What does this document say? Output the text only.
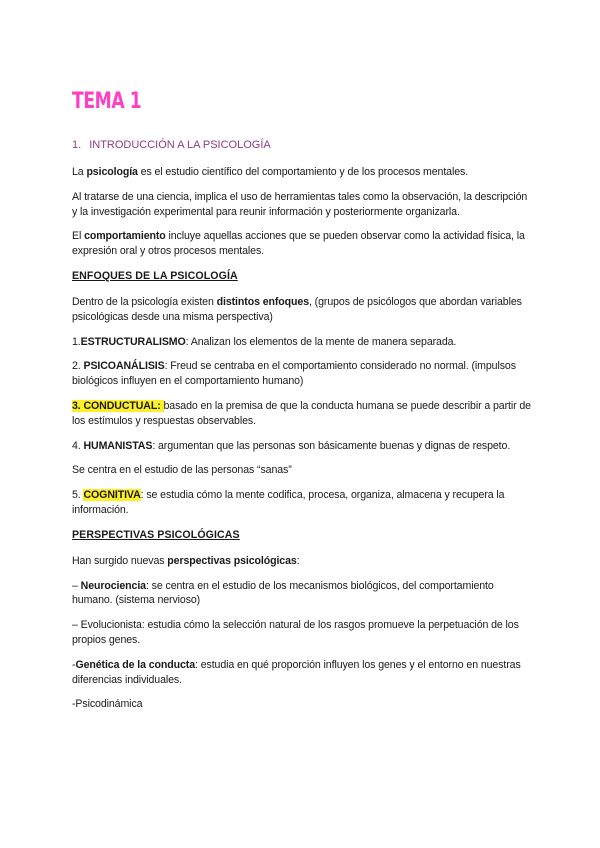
TEMA 1
1. INTRODUCCIÓN A LA PSICOLOGÍA

La psicología es el estudio científico del comportamiento y de los procesos mentales.

Al tratarse de una ciencia, implica el uso de herramientas tales como la observación, la descripción y la investigación experimental para reunir información y posteriormente organizarla.

El comportamiento incluye aquellas acciones que se pueden observar como la actividad física, la expresión oral y otros procesos mentales.

ENFOQUES DE LA PSICOLOGÍA

Dentro de la psicología existen distintos enfoques, (grupos de psicólogos que abordan variables psicológicas desde una misma perspectiva)

1.ESTRUCTURALISMO: Analizan los elementos de la mente de manera separada.

2. PSICOANÁLISIS: Freud se centraba en el comportamiento considerado no normal. (impulsos biológicos influyen en el comportamiento humano)

3. CONDUCTUAL: basado en la premisa de que la conducta humana se puede describir a partir de los estímulos y respuestas observables.

4. HUMANISTAS: argumentan que las personas son básicamente buenas y dignas de respeto.

Se centra en el estudio de las personas “sanas”

5. COGNITIVA: se estudia cómo la mente codifica, procesa, organiza, almacena y recupera la información.

PERSPECTIVAS PSICOLÓGICAS

Han surgido nuevas perspectivas psicológicas:

– Neurociencia: se centra en el estudio de los mecanismos biológicos, del comportamiento humano. (sistema nervioso)

– Evolucionista: estudia cómo la selección natural de los rasgos promueve la perpetuación de los propios genes.

-Genética de la conducta: estudia en qué proporción influyen los genes y el entorno en nuestras diferencias individuales.

-Psicodinámica
